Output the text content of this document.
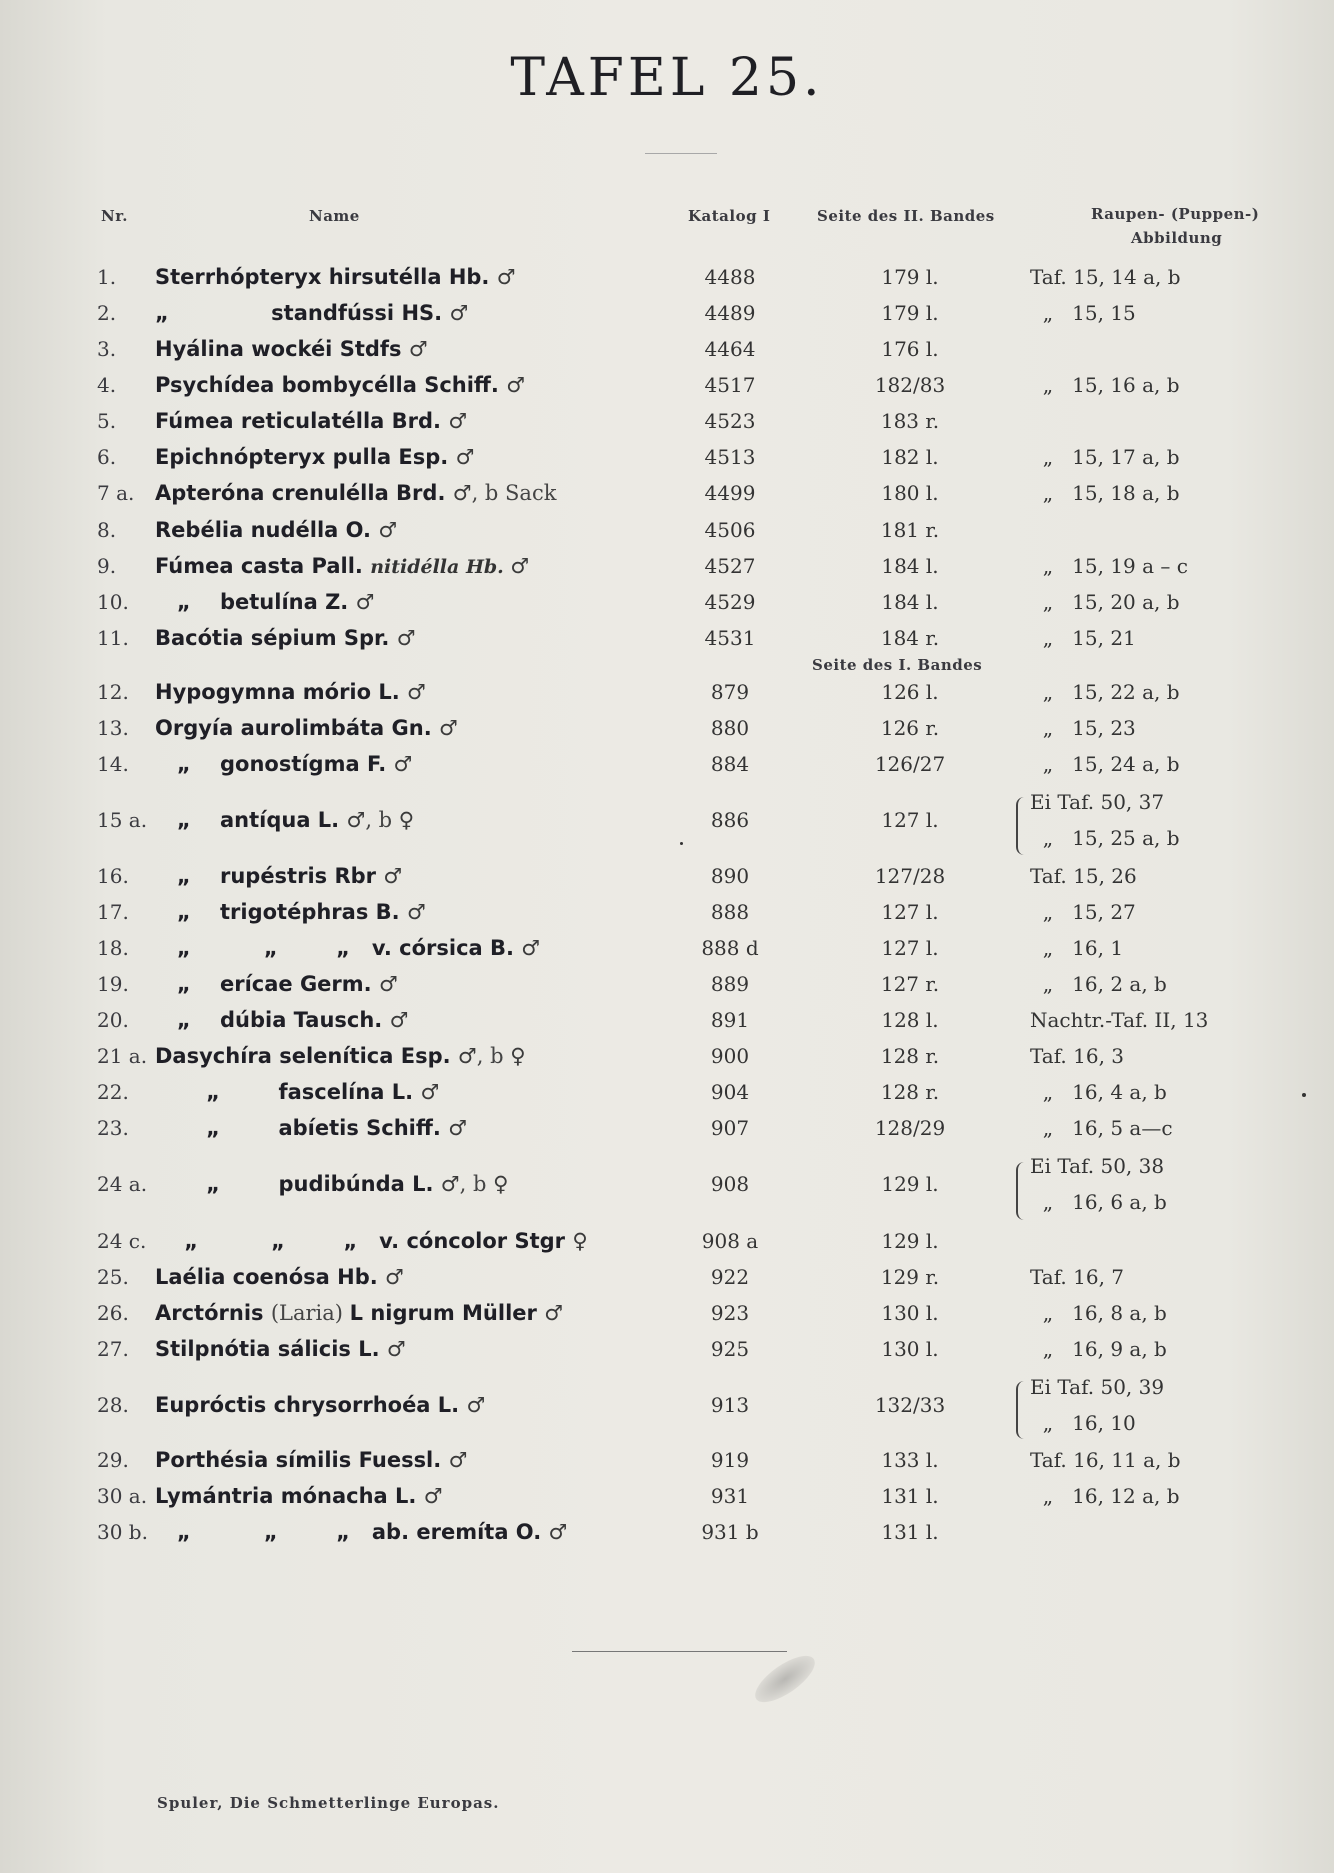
TAFEL 25.
Nr.	Name	Katalog I	Seite des II. Bandes	Raupen- (Puppen-)
Abbildung
Seite des I. Bandes
1.	Sterrhópteryx hirsutélla Hb. ♂	4488	179 l.	Taf. 15, 14 a, b
2.	„              standfússi HS. ♂	4489	179 l.	„   15, 15
3.	Hyálina wockéi Stdfs ♂	4464	176 l.
4.	Psychídea bombycélla Schiff. ♂	4517	182/83	„   15, 16 a, b
5.	Fúmea reticulatélla Brd. ♂	4523	183 r.
6.	Epichnópteryx pulla Esp. ♂	4513	182 l.	„   15, 17 a, b
7 a. Apteróna crenulélla Brd. ♂, b Sack	4499	180 l.	„   15, 18 a, b
8.	Rebélia nudélla O. ♂	4506	181 r.
9.	Fúmea casta Pall. nitidélla Hb. ♂	4527	184 l.	„   15, 19 a – c
10.	„    betulína Z. ♂	4529	184 l.	„   15, 20 a, b
11.	Bacótia sépium Spr. ♂	4531	184 r.	„   15, 21
12.	Hypogymna mório L. ♂	879	126 l.	„   15, 22 a, b
13.	Orgyía aurolimbáta Gn. ♂	880	126 r.	„   15, 23
14.	„    gonostígma F. ♂	884	126/27	„   15, 24 a, b
15 a. „    antíqua L. ♂, b ♀	886	127 l.
Ei Taf. 50, 37
„   15, 25 a, b
16.	„    rupéstris Rbr ♂	890	127/28	Taf. 15, 26
17.	„    trigotéphras B. ♂	888	127 l.	„   15, 27
18.	„          „        „   v. córsica B. ♂	888 d	127 l.	„   16, 1
19.	„    erícae Germ. ♂	889	127 r.	„   16, 2 a, b
20.	„    dúbia Tausch. ♂	891	128 l.	Nachtr.-Taf. II, 13
21 a. Dasychíra selenítica Esp. ♂, b ♀	900	128 r.	Taf. 16, 3
22.	„        fascelína L. ♂	904	128 r.	„   16, 4 a, b
23.	„        abíetis Schiff. ♂	907	128/29	„   16, 5 a—c
24 a. „        pudibúnda L. ♂, b ♀	908	129 l.
Ei Taf. 50, 38
„   16, 6 a, b
24 c. „          „        „   v. cóncolor Stgr ♀	908 a	129 l.
25.	Laélia coenósa Hb. ♂	922	129 r.	Taf. 16, 7
26.	Arctórnis (Laria) L nigrum Müller ♂	923	130 l.	„   16, 8 a, b
27.	Stilpnótia sálicis L. ♂	925	130 l.	„   16, 9 a, b
28.	Eupróctis chrysorrhoéa L. ♂	913	132/33
Ei Taf. 50, 39
„   16, 10
29.	Porthésia símilis Fuessl. ♂	919	133 l.	Taf. 16, 11 a, b
30 a. Lymántria mónacha L. ♂	931	131 l.	„   16, 12 a, b
30 b. „          „        „   ab. eremíta O. ♂	931 b	131 l.
Spuler, Die Schmetterlinge Europas.
